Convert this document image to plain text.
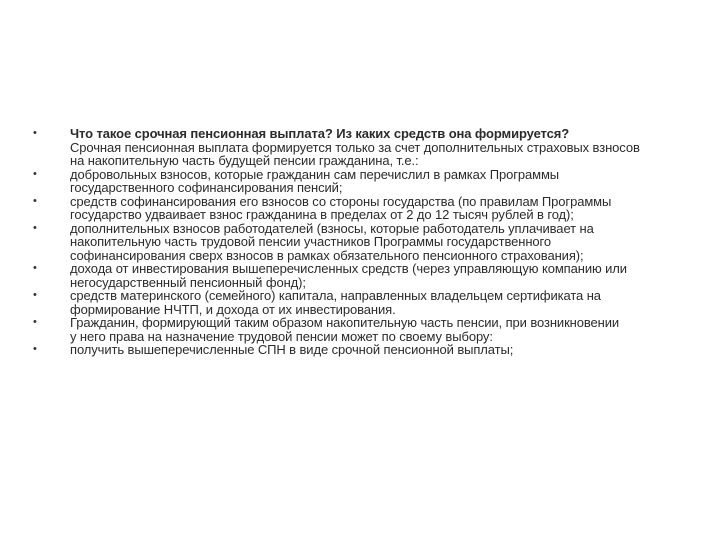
•	Что такое срочная пенсионная выплата? Из каких средств она формируется?
Срочная пенсионная выплата формируется только за счет дополнительных страховых взносов
на накопительную часть будущей пенсии гражданина, т.е.:
•	добровольных взносов, которые гражданин сам перечислил в рамках Программы
государственного софинансирования пенсий;
•	средств софинансирования его взносов со стороны государства (по правилам Программы
государство удваивает взнос гражданина в пределах от 2 до 12 тысяч рублей в год);
•	дополнительных взносов работодателей (взносы, которые работодатель уплачивает на
накопительную часть трудовой пенсии участников Программы государственного
софинансирования сверх взносов в рамках обязательного пенсионного страхования);
•	дохода от инвестирования вышеперечисленных средств (через управляющую компанию или
негосударственный пенсионный фонд);
•	средств материнского (семейного) капитала, направленных владельцем сертификата на
формирование НЧТП, и дохода от их инвестирования.
•	Гражданин, формирующий таким образом накопительную часть пенсии, при возникновении
у него права на назначение трудовой пенсии может по своему выбору:
•	получить вышеперечисленные СПН в виде срочной пенсионной выплаты;
